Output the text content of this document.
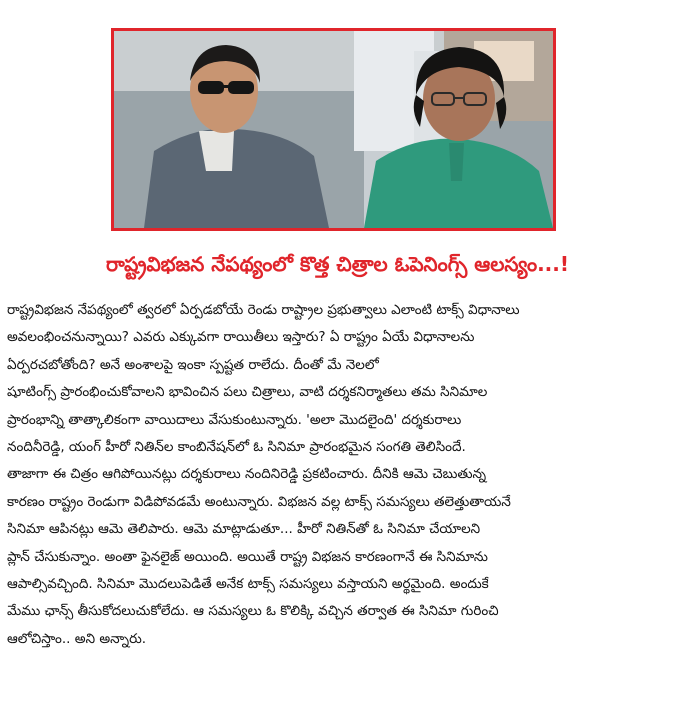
రాష్ట్రవిభజన నేపథ్యంలో కొత్త చిత్రాల ఓపెనింగ్స్ ఆలస్యం...!
రాష్ట్రవిభజన నేపథ్యంలో త్వరలో ఏర్పడబోయే రెండు రాష్ట్రాల ప్రభుత్వాలు ఎలాంటి టాక్స్ విధానాలు
అవలంభించనున్నాయి? ఎవరు ఎక్కువగా రాయితీలు ఇస్తారు? ఏ రాష్ట్రం ఏయే విధానాలను
ఏర్పరచబోతోంది? అనే అంశాలపై ఇంకా స్పష్టత రాలేదు. దీంతో మే నెలలో
షూటింగ్స్ ప్రారంభించుకోవాలని భావించిన పలు చిత్రాలు, వాటి దర్శకనిర్మాతలు తమ సినిమాల
ప్రారంభాన్ని తాత్కాలికంగా వాయిదాలు వేసుకుంటున్నారు. 'అలా మొదలైంది' దర్శకురాలు
నందినీరెడ్డి, యంగ్ హీరో నితిన్‌ల కాంబినేషన్‌లో ఓ సినిమా ప్రారంభమైన సంగతి తెలిసిందే.
తాజాగా ఈ చిత్రం ఆగిపోయినట్లు దర్శకురాలు నందినిరెడ్డి ప్రకటించారు. దీనికి ఆమె చెబుతున్న
కారణం రాష్ట్రం రెండుగా విడిపోవడమే అంటున్నారు. విభజన వల్ల టాక్స్ సమస్యలు తలెత్తుతాయనే
సినిమా ఆపినట్లు ఆమె తెలిపారు. ఆమె మాట్లాడుతూ... హీరో నితిన్‌తో ఓ సినిమా చేయాలని
ప్లాన్ చేసుకున్నాం. అంతా ఫైనలైజ్ అయింది. అయితే రాష్ట్ర విభజన కారణంగానే ఈ సినిమాను
ఆపాల్సివచ్చింది. సినిమా మొదలుపెడితే అనేక టాక్స్ సమస్యలు వస్తాయని అర్థమైంది. అందుకే
మేము ఛాన్స్ తీసుకోదలుచుకోలేదు. ఆ సమస్యలు ఓ కొలిక్కి వచ్చిన తర్వాత ఈ సినిమా గురించి
ఆలోచిస్తాం.. అని అన్నారు.
